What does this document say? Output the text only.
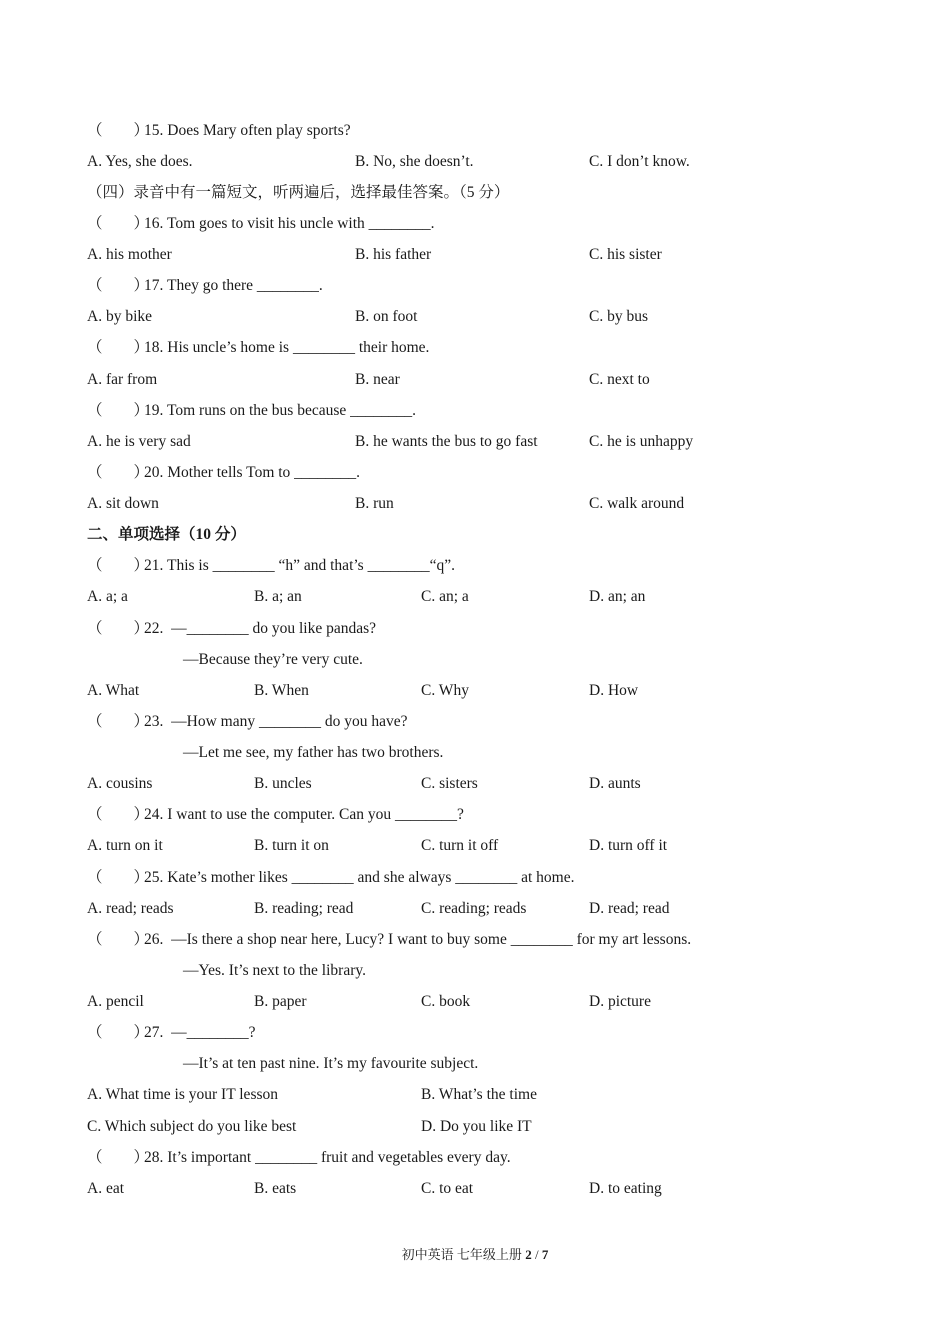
（        ）15. Does Mary often play sports?
A. Yes, she does.	B. No, she doesn’t.	C. I don’t know.
（四）录音中有一篇短文，听两遍后，选择最佳答案。（5 分）
（        ）16. Tom goes to visit his uncle with ________.
A. his mother	B. his father	C. his sister
（        ）17. They go there ________.
A. by bike	B. on foot	C. by bus
（        ）18. His uncle’s home is ________ their home.
A. far from	B. near	C. next to
（        ）19. Tom runs on the bus because ________.
A. he is very sad	B. he wants the bus to go fast	C. he is unhappy
（        ）20. Mother tells Tom to ________.
A. sit down	B. run	C. walk around
二、单项选择（10 分）
（        ）21. This is ________ “h” and that’s ________“q”.
A. a; a	B. a; an	C. an; a	D. an; an
（        ）22.  —________ do you like pandas?
—Because they’re very cute.
A. What	B. When	C. Why	D. How
（        ）23.  —How many ________ do you have?
—Let me see, my father has two brothers.
A. cousins	B. uncles	C. sisters	D. aunts
（        ）24. I want to use the computer. Can you ________?
A. turn on it	B. turn it on	C. turn it off	D. turn off it
（        ）25. Kate’s mother likes ________ and she always ________ at home.
A. read; reads	B. reading; read	C. reading; reads	D. read; read
（        ）26.  —Is there a shop near here, Lucy? I want to buy some ________ for my art lessons.
—Yes. It’s next to the library.
A. pencil	B. paper	C. book	D. picture
（        ）27.  —________?
—It’s at ten past nine. It’s my favourite subject.
A. What time is your IT lesson	B. What’s the time
C. Which subject do you like best	D. Do you like IT
（        ）28. It’s important ________ fruit and vegetables every day.
A. eat	B. eats	C. to eat	D. to eating
初中英语 七年级上册 2 / 7
